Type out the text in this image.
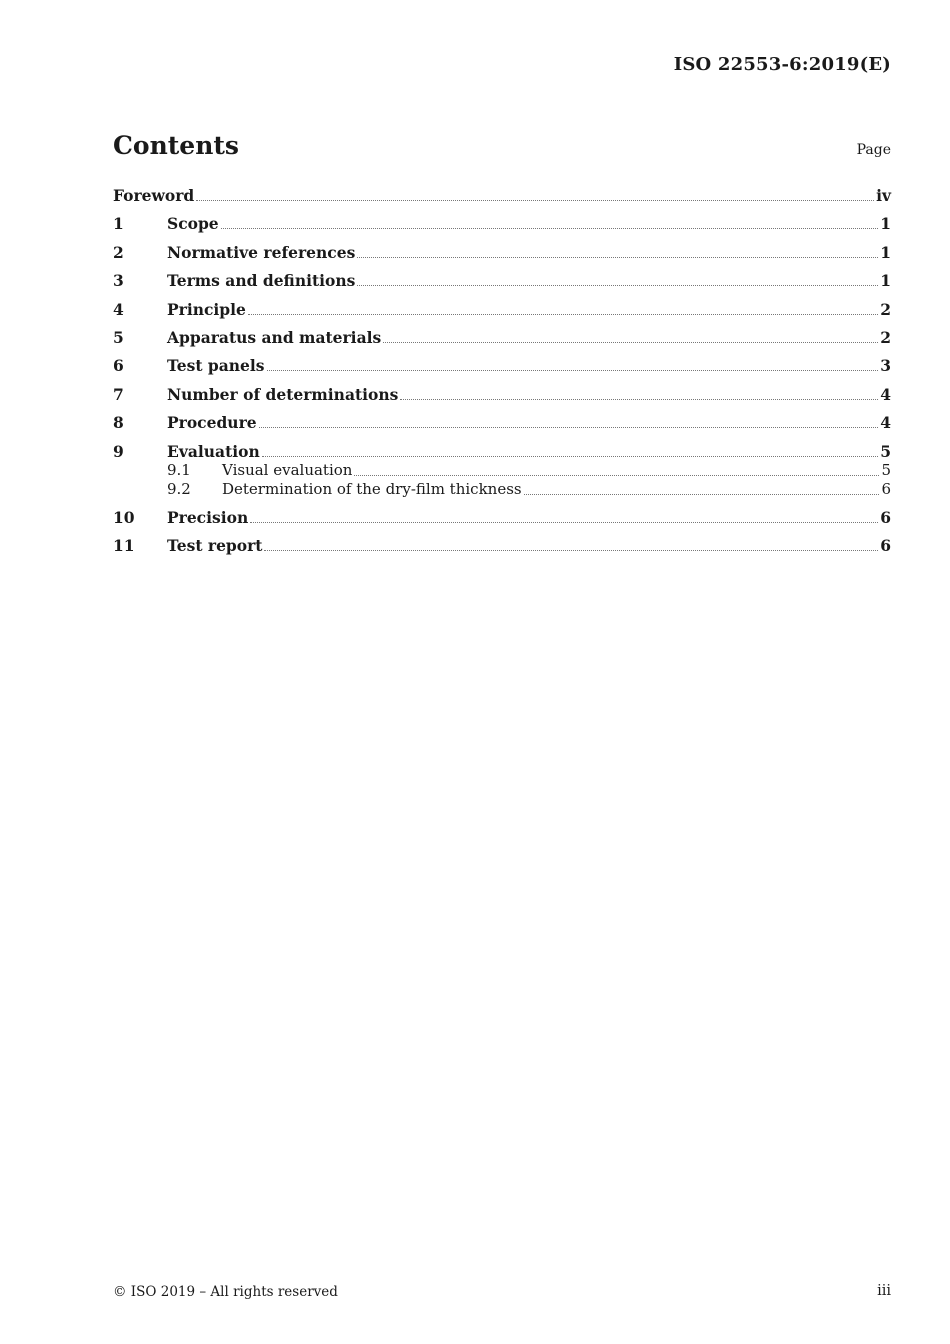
ISO 22553-6:2019(E)
Contents	Page
Foreword	iv
1	Scope	1
2	Normative references	1
3	Terms and definitions	1
4	Principle	2
5	Apparatus and materials	2
6	Test panels	3
7	Number of determinations	4
8	Procedure	4
9	Evaluation	5
9.1	Visual evaluation	5
9.2	Determination of the dry-film thickness	6
10	Precision	6
11	Test report	6
© ISO 2019 – All rights reserved	iii
